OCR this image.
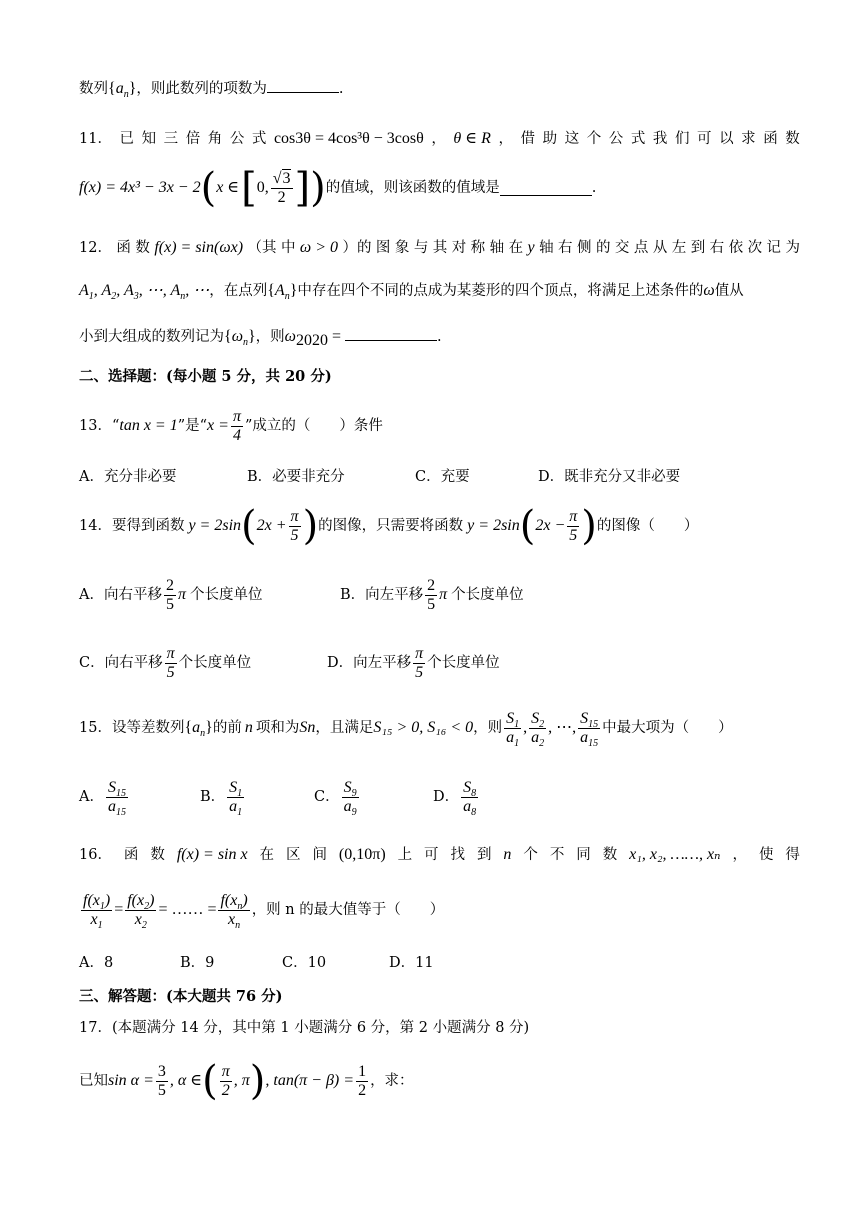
数列$\{a_n\}$，则此数列的项数为	.
11． 已 知 三 倍 角 公 式 cos3θ = 4cos³θ − 3cosθ ， θ ∈ R ， 借 助 这 个 公 式 我 们 可 以 求 函 数
f(x) = 4x³ − 3x − 2 ( x ∈ [ 0, $\frac{√3}{2}$ ] ) 的值域，则该函数的值域是	.
12． 函 数 f(x) = sin(ωx) （其 中 ω > 0 ）的 图 象 与 其 对 称 轴 在 y 轴 右 侧 的 交 点 从 左 到 右 依 次 记 为
$A_1$, $A_2$, $A_3$, ⋯, $A_n$, ⋯，在点列$\{A_n\}$中存在四个不同的点成为某菱形的四个顶点，将满足上述条件的ω值从
小到大组成的数列记为$\{\omega_n\}$，则$\omega_{2020}$ =	.
二、选择题：(每小题 5 分，共 20 分)
13．“ tan x = 1 ”是“ $x = \frac{\pi}{4}$ ”成立的（　　）条件
A．充分非必要	B．必要非充分	C．充要	D．既非充分又非必要
14．要得到函数 y = 2sin ( $2x + \frac{\pi}{5}$ ) 的图像，只需要将函数 y = 2sin ( $2x - \frac{\pi}{5}$ ) 的图像（　　）
A．向右平移 $\frac{2}{5}$ π 个长度单位	B．向左平移 $\frac{2}{5}$ π 个长度单位
C．向右平移 $\frac{\pi}{5}$ 个长度单位	D．向左平移 $\frac{\pi}{5}$ 个长度单位
15．设等差数列 $\{a_n\}$ 的前 n 项和为 S n ，且满足 S₁₅ > 0, S₁₆ < 0 ，则 $\frac{S_1}{a_1}$ , $\frac{S_2}{a_2}$ , ⋯, $\frac{S_{15}}{a_{15}}$ 中最大项为（　　）
A． $\frac{S_{15}}{a_{15}}$	B． $\frac{S_1}{a_1}$	C． $\frac{S_9}{a_9}$	D． $\frac{S_8}{a_8}$
16． 函 数 f(x) = sin x 在 区 间 (0,10π) 上 可 找 到 n 个 不 同 数 x₁, x₂, ……, xₙ ， 使 得
$\frac{f(x_1)}{x_1} = \frac{f(x_2)}{x_2}$ = …… = $\frac{f(x_n)}{x_n}$ ，则 n 的最大值等于（　　）
A．8	B．9	C．10	D．11
三、解答题：(本大题共 76 分)
17．(本题满分 14 分，其中第 1 小题满分 6 分，第 2 小题满分 8 分)
已知 $\sin \alpha = \frac{3}{5}$ , α ∈ ( $\frac{\pi}{2}$ , π ) , $\tan(\pi - \beta) = \frac{1}{2}$ ，求：
